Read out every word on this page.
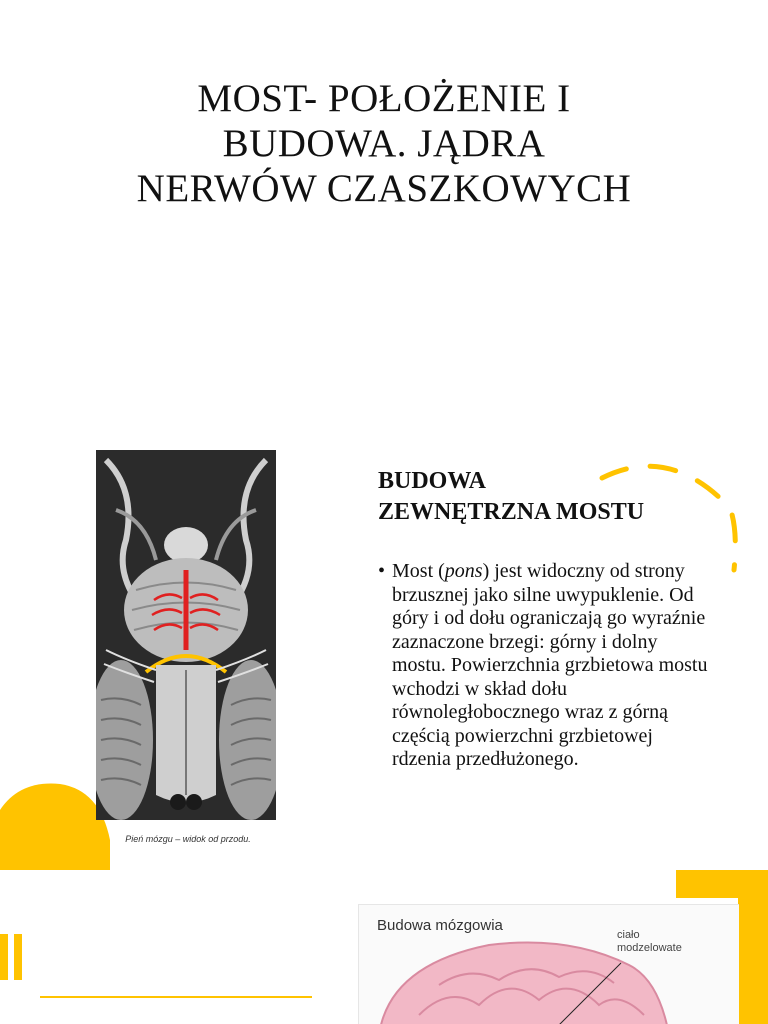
MOST- POŁOŻENIE I
BUDOWA. JĄDRA
NERWÓW CZASZKOWYCH
Pień mózgu – widok od przodu.
BUDOWA
ZEWNĘTRZNA MOSTU
• Most (pons) jest widoczny od strony brzusznej jako silne uwypuklenie. Od góry i od dołu ograniczają go wyraźnie zaznaczone brzegi: górny i dolny mostu. Powierzchnia grzbietowa mostu wchodzi w skład dołu równoległobocznego wraz z górną częścią powierzchni grzbietowej rdzenia przedłużonego.
Budowa mózgowia
ciało
modzelowate
